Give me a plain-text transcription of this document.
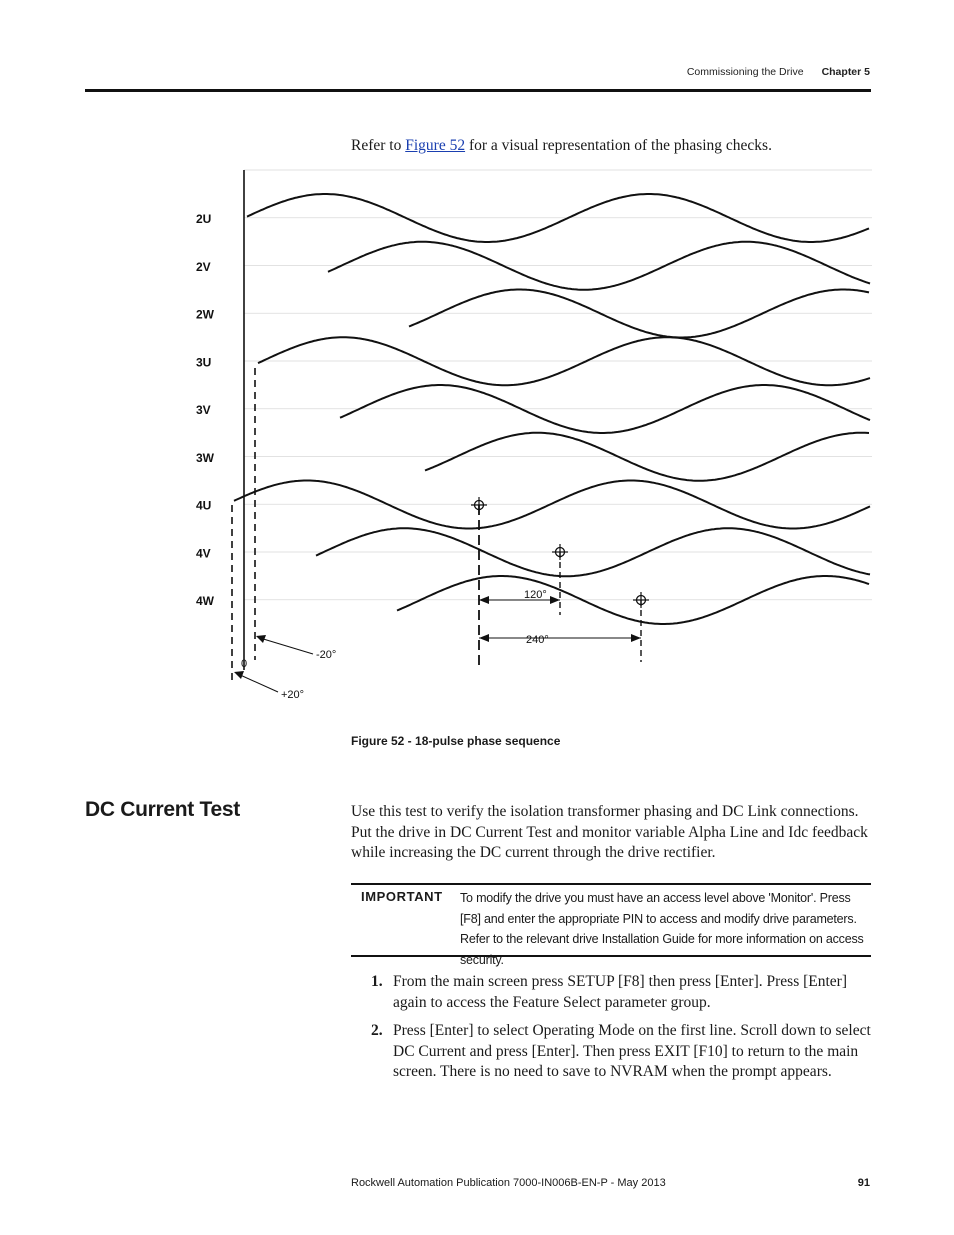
Commissioning the Drive Chapter 5
Refer to Figure 52 for a visual representation of the phasing checks.
2U
2V
2W
3U
3V
3W
4U
4V
4W
0
-20°
+20°
120°
240°
Figure 52 - 18-pulse phase sequence
DC Current Test	Use this test to verify the isolation transformer phasing and DC Link connections. Put the drive in DC Current Test and monitor variable Alpha Line and Idc feedback while increasing the DC current through the drive rectifier.
IMPORTANT To modify the drive you must have an access level above 'Monitor'. Press [F8] and enter the appropriate PIN to access and modify drive parameters. Refer to the relevant drive Installation Guide for more information on access security.
1. From the main screen press SETUP [F8] then press [Enter]. Press [Enter] again to access the Feature Select parameter group.
2. Press [Enter] to select Operating Mode on the first line. Scroll down to select DC Current and press [Enter]. Then press EXIT [F10] to return to the main screen. There is no need to save to NVRAM when the prompt appears.
Rockwell Automation Publication 7000-IN006B-EN-P - May 2013	91
